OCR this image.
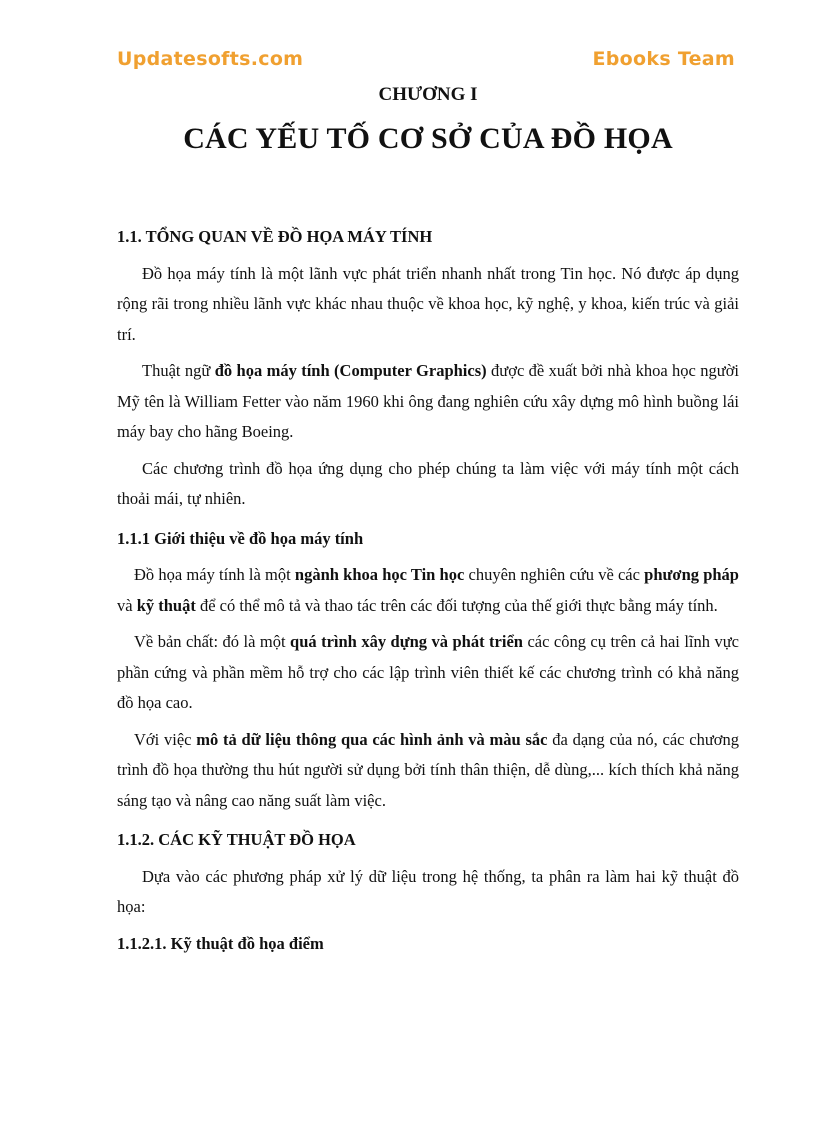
Updatesofts.com	Ebooks Team
CHƯƠNG I
CÁC YẾU TỐ CƠ SỞ CỦA ĐỒ HỌA

1.1. TỔNG QUAN VỀ ĐỒ HỌA MÁY TÍNH

Đồ họa máy tính là một lãnh vực phát triển nhanh nhất trong Tin học. Nó được áp dụng rộng rãi trong nhiều lãnh vực khác nhau thuộc về khoa học, kỹ nghệ, y khoa, kiến trúc và giải trí.

Thuật ngữ đồ họa máy tính (Computer Graphics) được đề xuất bởi nhà khoa học người Mỹ tên là William Fetter vào năm 1960 khi ông đang nghiên cứu xây dựng mô hình buồng lái máy bay cho hãng Boeing.

Các chương trình đồ họa ứng dụng cho phép chúng ta làm việc với máy tính một cách thoải mái, tự nhiên.

1.1.1 Giới thiệu về đồ họa máy tính

Đồ họa máy tính là một ngành khoa học Tin học chuyên nghiên cứu về các phương pháp và kỹ thuật để có thể mô tả và thao tác trên các đối tượng của thế giới thực bằng máy tính.

Về bản chất: đó là một quá trình xây dựng và phát triển các công cụ trên cả hai lĩnh vực phần cứng và phần mềm hỗ trợ cho các lập trình viên thiết kế các chương trình có khả năng đồ họa cao.

Với việc mô tả dữ liệu thông qua các hình ảnh và màu sắc đa dạng của nó, các chương trình đồ họa thường thu hút người sử dụng bởi tính thân thiện, dễ dùng,... kích thích khả năng sáng tạo và nâng cao năng suất làm việc.

1.1.2. CÁC KỸ THUẬT ĐỒ HỌA

Dựa vào các phương pháp xử lý dữ liệu trong hệ thống, ta phân ra làm hai kỹ thuật đồ họa:

1.1.2.1. Kỹ thuật đồ họa điểm
